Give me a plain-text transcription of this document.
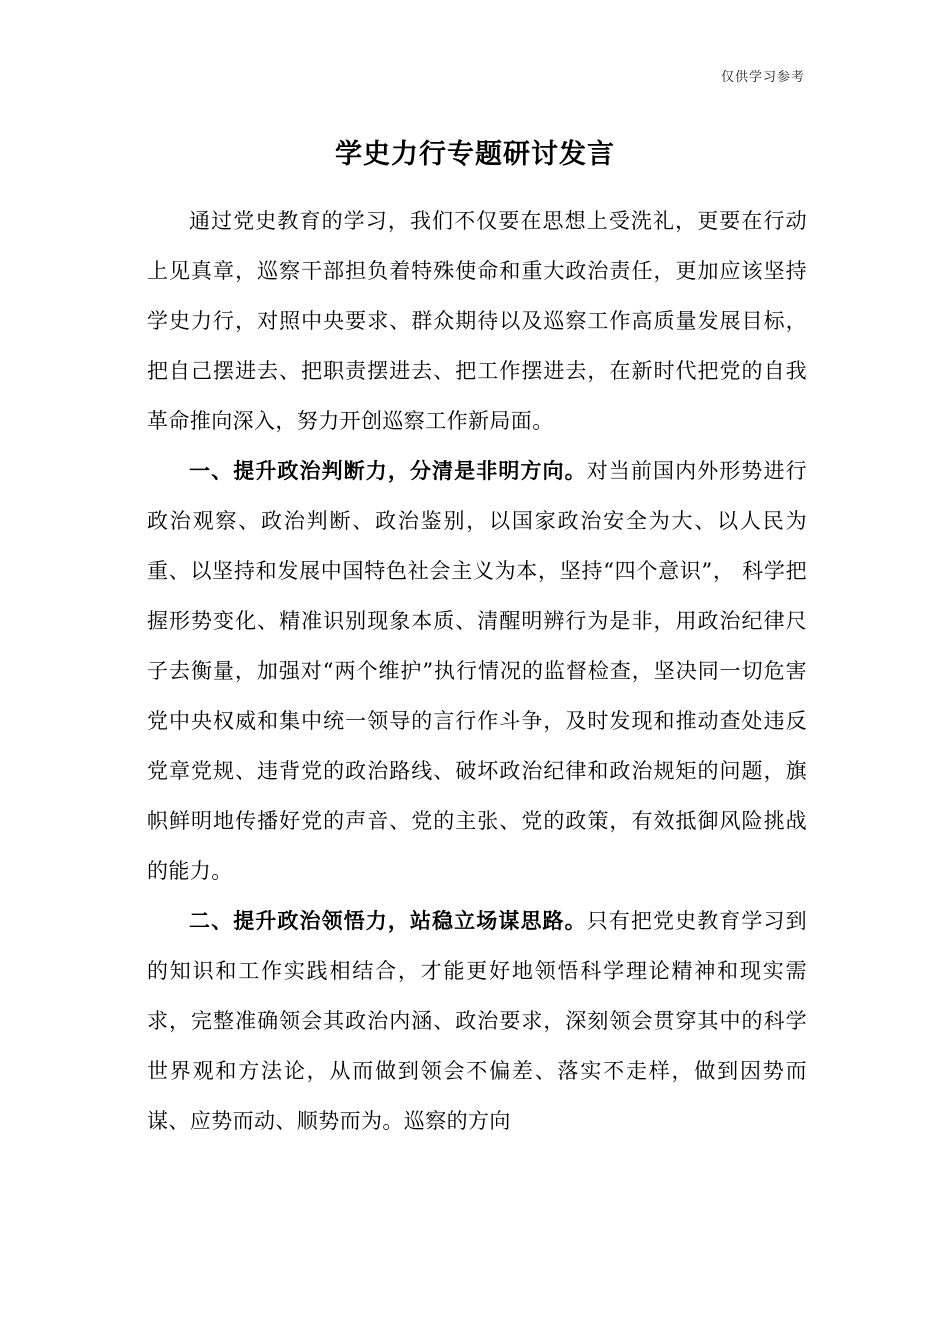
仅供学习参考
学史力行专题研讨发言

通过党史教育的学习，我们不仅要在思想上受洗礼，更要在行动上见真章，巡察干部担负着特殊使命和重大政治责任，更加应该坚持学史力行，对照中央要求、群众期待以及巡察工作高质量发展目标，把自己摆进去、把职责摆进去、把工作摆进去，在新时代把党的自我革命推向深入，努力开创巡察工作新局面。

一、提升政治判断力，分清是非明方向。对当前国内外形势进行政治观察、政治判断、政治鉴别，以国家政治安全为大、以人民为重、以坚持和发展中国特色社会主义为本，坚持“四个意识”， 科学把握形势变化、精准识别现象本质、清醒明辨行为是非，用政治纪律尺子去衡量，加强对“两个维护”执行情况的监督检查，坚决同一切危害党中央权威和集中统一领导的言行作斗争，及时发现和推动查处违反党章党规、违背党的政治路线、破坏政治纪律和政治规矩的问题，旗帜鲜明地传播好党的声音、党的主张、党的政策，有效抵御风险挑战的能力。

二、提升政治领悟力，站稳立场谋思路。只有把党史教育学习到的知识和工作实践相结合，才能更好地领悟科学理论精神和现实需求，完整准确领会其政治内涵、政治要求，深刻领会贯穿其中的科学世界观和方法论，从而做到领会不偏差、落实不走样，做到因势而谋、应势而动、顺势而为。巡察的方向
